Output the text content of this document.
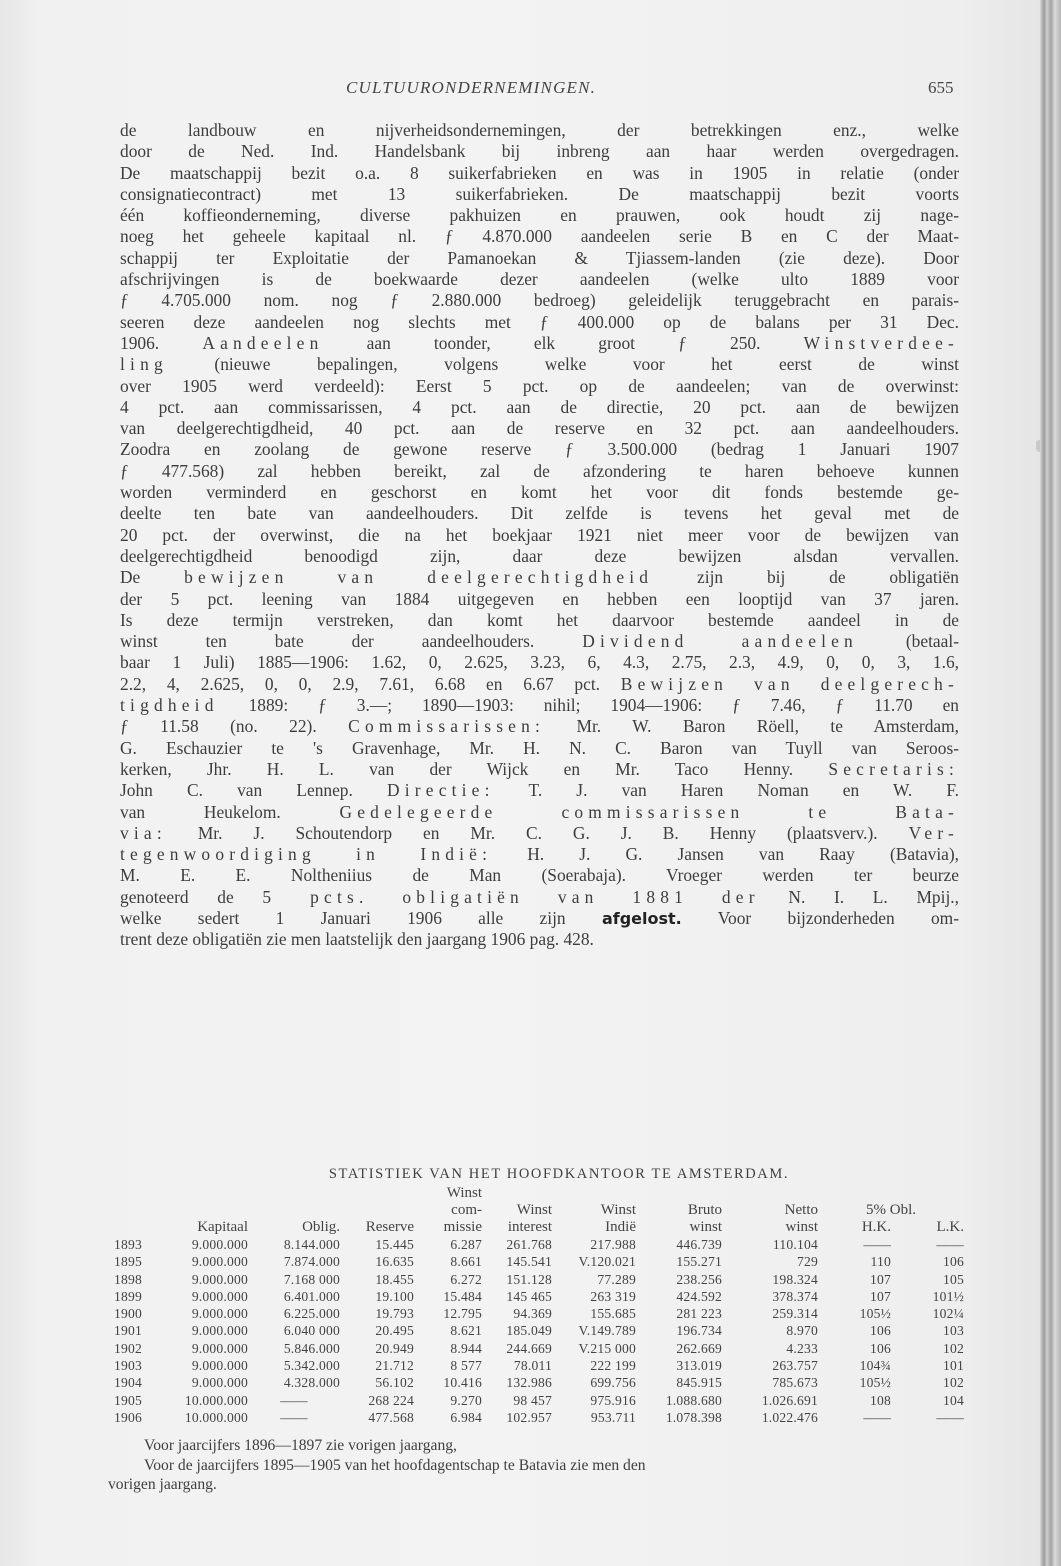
CULTUURONDERNEMINGEN.	655
de landbouw en nijverheidsondernemingen, der betrekkingen enz., welke
door de Ned. Ind. Handelsbank bij inbreng aan haar werden overgedragen.
De maatschappij bezit o.a. 8 suikerfabrieken en was in 1905 in relatie (onder
consignatiecontract) met 13 suikerfabrieken. De maatschappij bezit voorts
één koffieonderneming, diverse pakhuizen en prauwen, ook houdt zij nage-
noeg het geheele kapitaal nl. ƒ 4.870.000 aandeelen serie B en C der Maat-
schappij ter Exploitatie der Pamanoekan & Tjiassem-landen (zie deze). Door
afschrijvingen is de boekwaarde dezer aandeelen (welke ulto 1889 voor
ƒ 4.705.000 nom. nog ƒ 2.880.000 bedroeg) geleidelijk teruggebracht en parais-
seeren deze aandeelen nog slechts met ƒ 400.000 op de balans per 31 Dec.
1906. Aandeelen aan toonder, elk groot ƒ 250. Winstverdee-
ling	(nieuwe bepalingen, volgens welke voor het eerst de winst
over 1905 werd verdeeld): Eerst 5 pct. op de aandeelen; van de overwinst:
4 pct. aan commissarissen, 4 pct. aan de directie, 20 pct. aan de bewijzen
van deelgerechtigdheid, 40 pct. aan de reserve en 32 pct. aan aandeelhouders.
Zoodra en zoolang de gewone reserve ƒ 3.500.000 (bedrag 1 Januari 1907
ƒ 477.568) zal hebben bereikt, zal de afzondering te haren behoeve kunnen
worden verminderd en geschorst en komt het voor dit fonds bestemde ge-
deelte ten bate van aandeelhouders. Dit zelfde is tevens het geval met de
20 pct. der overwinst, die na het boekjaar 1921 niet meer voor de bewijzen van
deelgerechtigdheid benoodigd zijn, daar deze bewijzen alsdan vervallen.
De	bewijzen van deelgerechtigdheid	zijn bij de obligatiën
der 5 pct. leening van 1884 uitgegeven en hebben een looptijd van 37 jaren.
Is deze termijn verstreken, dan komt het daarvoor bestemde aandeel in de
winst ten bate der aandeelhouders.	Dividend aandeelen	(betaal-
baar 1 Juli) 1885—1906: 1.62, 0, 2.625, 3.23, 6, 4.3, 2.75, 2.3, 4.9, 0, 0, 3, 1.6,
2.2, 4, 2.625, 0, 0, 2.9, 7.61, 6.68 en 6.67 pct. Bewijzen van deelgerech-
tigdheid 1889: ƒ 3.—; 1890—1903: nihil; 1904—1906: ƒ 7.46, ƒ 11.70 en
ƒ 11.58 (no. 22). Commissarissen: Mr. W. Baron Röell, te Amsterdam,
G. Eschauzier te 's Gravenhage, Mr. H. N. C. Baron van Tuyll van Seroos-
kerken, Jhr. H. L. van der Wijck en Mr. Taco Henny. Secretaris:
John C. van Lennep. Directie: T. J. van Haren Noman en W. F.
van Heukelom.	Gedelegeerde commissarissen te Bata-
via: Mr. J. Schoutendorp en Mr. C. G. J. B. Henny (plaatsverv.). Ver-
tegenwoordiging in Indië: H. J. G. Jansen van Raay (Batavia),
M. E. E. Noltheniius de Man (Soerabaja). Vroeger werden ter beurze
genoteerd de 5 pcts. obligatiën van 1881 der N. I. L. Mpij.,
welke sedert 1 Januari 1906 alle zijn afgelost. Voor bijzonderheden om-
trent deze obligatiën zie men laatstelijk den jaargang 1906 pag. 428.
STATISTIEK VAN HET HOOFDKANTOOR TE AMSTERDAM.
				Winst com-	Winst	Winst	Bruto	Netto	5% Obl.	
	Kapitaal	Oblig.	Reserve	missie	interest	Indië	winst	winst	H.K.	L.K.
1893	9.000.000	8.144.000	15.445	6.287	261.768	217.988	446.739	110.104	——	——
1895	9.000.000	7.874.000	16.635	8.661	145.541	V.120.021	155.271	729	110	106
1898	9.000.000	7.168 000	18.455	6.272	151.128	77.289	238.256	198.324	107	105
1899	9.000.000	6.401.000	19.100	15.484	145 465	263 319	424.592	378.374	107	101½
1900	9.000.000	6.225.000	19.793	12.795	94.369	155.685	281 223	259.314	105½	102¼
1901	9.000.000	6.040 000	20.495	8.621	185.049	V.149.789	196.734	8.970	106	103
1902	9.000.000	5.846.000	20.949	8.944	244.669	V.215 000	262.669	4.233	106	102
1903	9.000.000	5.342.000	21.712	8 577	78.011	222 199	313.019	263.757	104¾	101
1904	9.000.000	4.328.000	56.102	10.416	132.986	699.756	845.915	785.673	105½	102
1905	10.000.000	——	268 224	9.270	98 457	975.916	1.088.680	1.026.691	108	104
1906	10.000.000	——	477.568	6.984	102.957	953.711	1.078.398	1.022.476	——	——
Voor jaarcijfers 1896—1897 zie vorigen jaargang,
Voor de jaarcijfers 1895—1905 van het hoofdagentschap te Batavia zie men den
vorigen jaargang.
